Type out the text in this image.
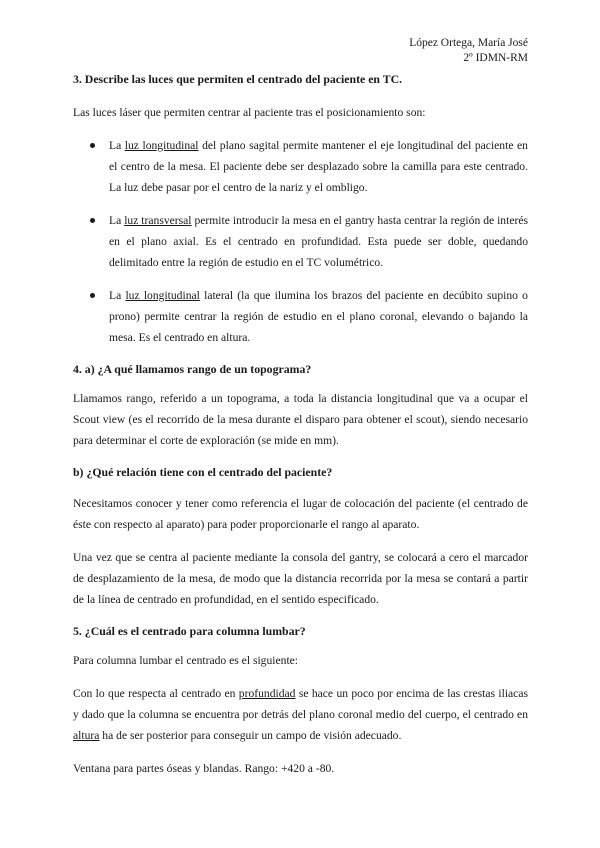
López Ortega, María José
2º IDMN-RM
3. Describe las luces que permiten el centrado del paciente en TC.

Las luces láser que permiten centrar al paciente tras el posicionamiento son:

La luz longitudinal del plano sagital permite mantener el eje longitudinal del paciente en el centro de la mesa. El paciente debe ser desplazado sobre la camilla para este centrado. La luz debe pasar por el centro de la nariz y el ombligo.
La luz transversal permite introducir la mesa en el gantry hasta centrar la región de interés en el plano axial. Es el centrado en profundidad. Esta puede ser doble, quedando delimitado entre la región de estudio en el TC volumétrico.
La luz longitudinal lateral (la que ilumina los brazos del paciente en decúbito supino o prono) permite centrar la región de estudio en el plano coronal, elevando o bajando la mesa. Es el centrado en altura.
4. a) ¿A qué llamamos rango de un topograma?

Llamamos rango, referido a un topograma, a toda la distancia longitudinal que va a ocupar el Scout view (es el recorrido de la mesa durante el disparo para obtener el scout), siendo necesario para determinar el corte de exploración (se mide en mm).

b) ¿Qué relación tiene con el centrado del paciente?

Necesitamos conocer y tener como referencia el lugar de colocación del paciente (el centrado de éste con respecto al aparato) para poder proporcionarle el rango al aparato.

Una vez que se centra al paciente mediante la consola del gantry, se colocará a cero el marcador de desplazamiento de la mesa, de modo que la distancia recorrida por la mesa se contará a partir de la línea de centrado en profundidad, en el sentido especificado.

5. ¿Cuál es el centrado para columna lumbar?

Para columna lumbar el centrado es el siguiente:

Con lo que respecta al centrado en profundidad se hace un poco por encima de las crestas iliacas y dado que la columna se encuentra por detrás del plano coronal medio del cuerpo, el centrado en altura ha de ser posterior para conseguir un campo de visión adecuado.

Ventana para partes óseas y blandas. Rango: +420 a -80.
